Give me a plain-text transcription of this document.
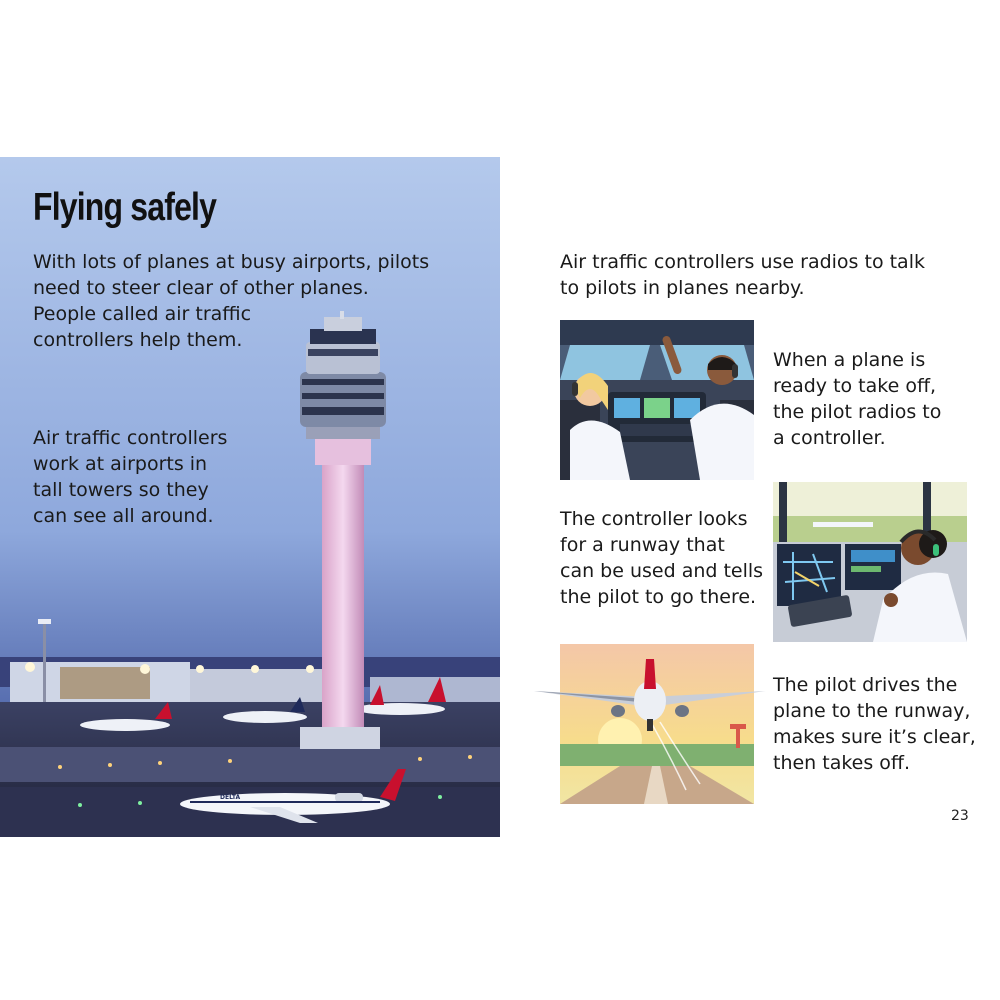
DELTA
Flying safely

With lots of planes at busy airports, pilots
need to steer clear of other planes.
People called air traffic
controllers help them.

Air traffic controllers
work at airports in
tall towers so they
can see all around.

Air traffic controllers use radios to talk
to pilots in planes nearby.

When a plane is
ready to take off,
the pilot radios to
a controller.

The controller looks
for a runway that
can be used and tells
the pilot to go there.

The pilot drives the
plane to the runway,
makes sure it’s clear,
then takes off.

23
